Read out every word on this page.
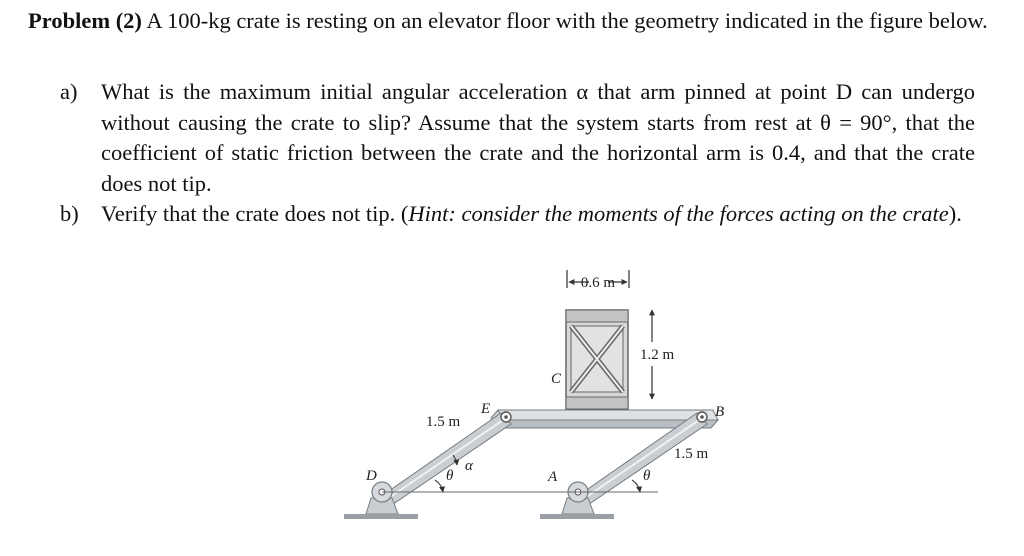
Problem (2) A 100-kg crate is resting on an elevator floor with the geometry indicated in the figure below.
a)	What is the maximum initial angular acceleration α that arm pinned at point D can undergo without causing the crate to slip? Assume that the system starts from rest at θ = 90°, that the coefficient of static friction between the crate and the horizontal arm is 0.4, and that the crate does not tip.
b) Verify that the crate does not tip. (Hint: consider the moments of the forces acting on the crate).
0.6 m
1.2 m
D
E
C
A
B
1.5 m
1.5 m
θ	θ
α
